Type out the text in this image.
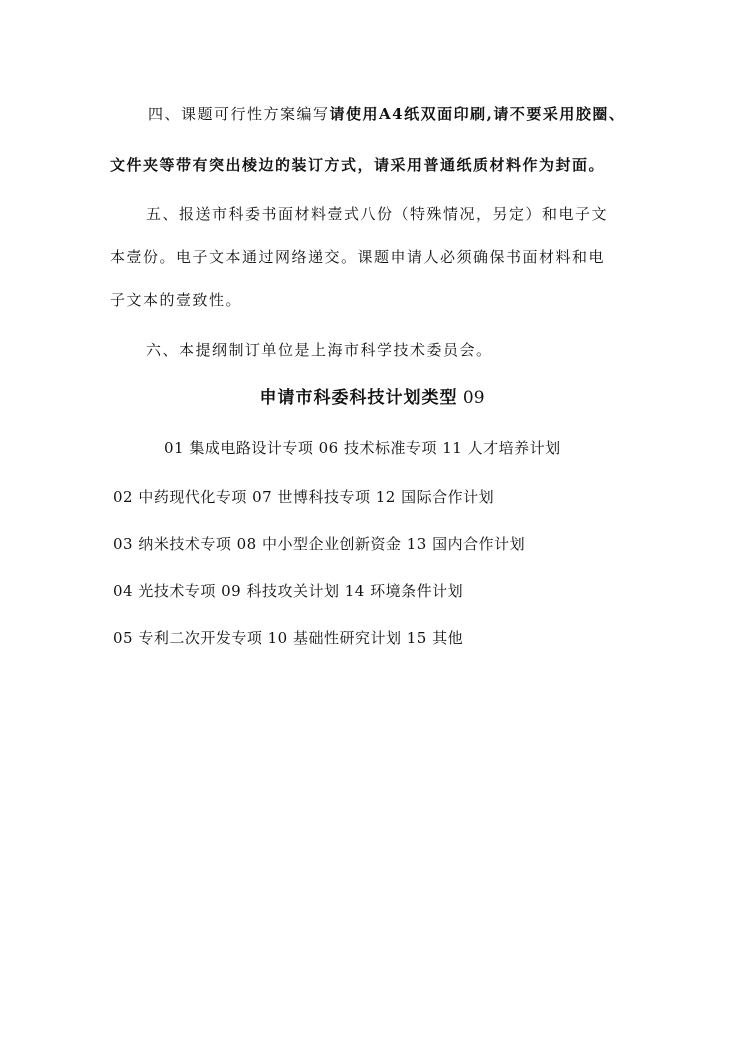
四、课题可行性方案编写请使用A4纸双面印刷,请不要采用胶圈、
文件夹等带有突出棱边的装订方式，请采用普通纸质材料作为封面。
五、报送市科委书面材料壹式八份（特殊情况，另定）和电子文
本壹份。电子文本通过网络递交。课题申请人必须确保书面材料和电
子文本的壹致性。
六、本提纲制订单位是上海市科学技术委员会。
申请市科委科技计划类型 09
01 集成电路设计专项 06 技术标准专项 11 人才培养计划
02 中药现代化专项 07 世博科技专项 12 国际合作计划
03 纳米技术专项 08 中小型企业创新资金 13 国内合作计划
04 光技术专项 09 科技攻关计划 14 环境条件计划
05 专利二次开发专项 10 基础性研究计划 15 其他
